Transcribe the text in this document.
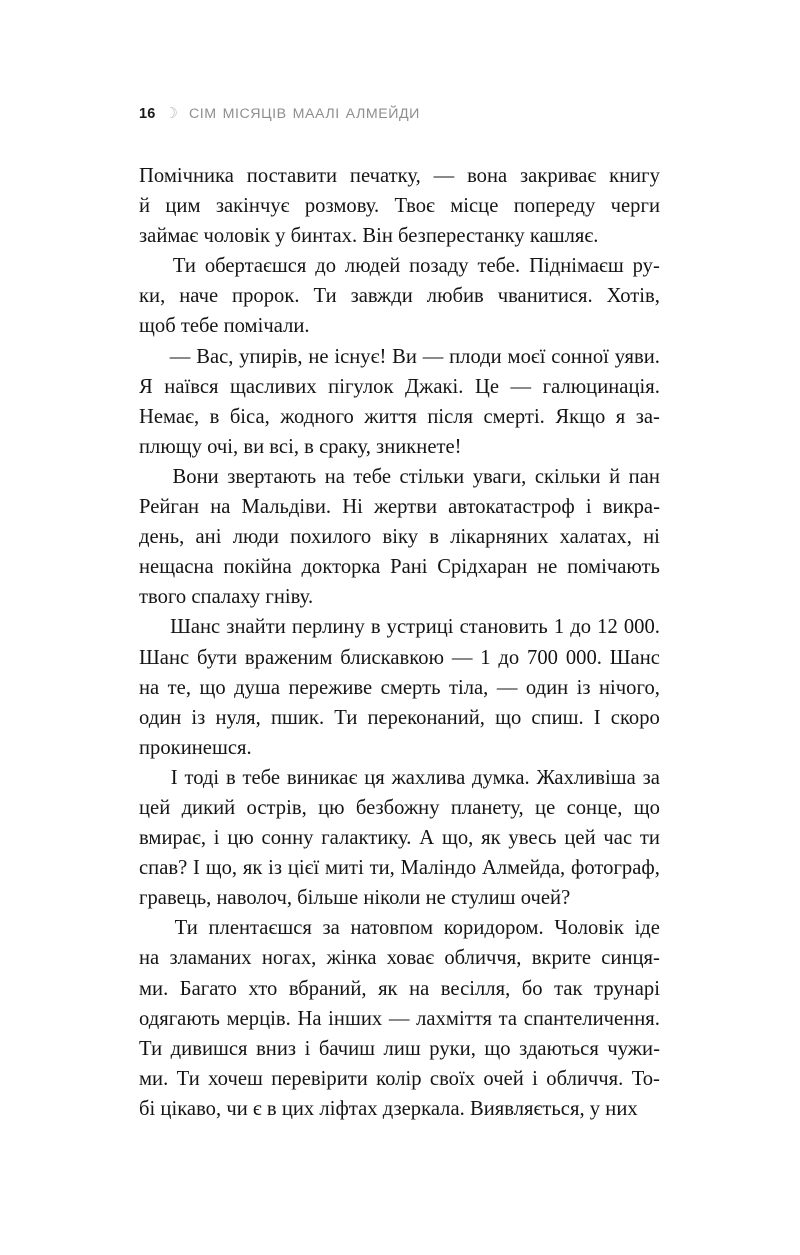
16 ☽ СІМ МІСЯЦІВ МААЛІ АЛМЕЙДИ

Помічника поставити печатку, — вона закриває книгу
й цим закінчує розмову. Твоє місце попереду черги
займає чоловік у бинтах. Він безперестанку кашляє.

Ти обертаєшся до людей позаду тебе. Піднімаєш ру-
ки, наче пророк. Ти завжди любив чванитися. Хотів,
щоб тебе помічали.

— Вас, упирів, не існує! Ви — плоди моєї сонної уяви.
Я наївся щасливих пігулок Джакі. Це — галюцинація.
Немає, в біса, жодного життя після смерті. Якщо я за-
плющу очі, ви всі, в сраку, зникнете!

Вони звертають на тебе стільки уваги, скільки й пан
Рейган на Мальдіви. Ні жертви автокатастроф і викра-
день, ані люди похилого віку в лікарняних халатах, ні
нещасна покійна докторка Рані Срідхаран не помічають
твого спалаху гніву.

Шанс знайти перлину в устриці становить 1 до 12 000.
Шанс бути враженим блискавкою — 1 до 700 000. Шанс
на те, що душа переживе смерть тіла, — один із нічого,
один із нуля, пшик. Ти переконаний, що спиш. І скоро
прокинешся.

І тоді в тебе виникає ця жахлива думка. Жахливіша за
цей дикий острів, цю безбожну планету, це сонце, що
вмирає, і цю сонну галактику. А що, як увесь цей час ти
спав? І що, як із цієї миті ти, Маліндо Алмейда, фотограф,
гравець, наволоч, більше ніколи не стулиш очей?

Ти плентаєшся за натовпом коридором. Чоловік іде
на зламаних ногах, жінка ховає обличчя, вкрите синця-
ми. Багато хто вбраний, як на весілля, бо так трунарі
одягають мерців. На інших — лахміття та спантеличення.
Ти дивишся вниз і бачиш лиш руки, що здаються чужи-
ми. Ти хочеш перевірити колір своїх очей і обличчя. То-
бі цікаво, чи є в цих ліфтах дзеркала. Виявляється, у них
